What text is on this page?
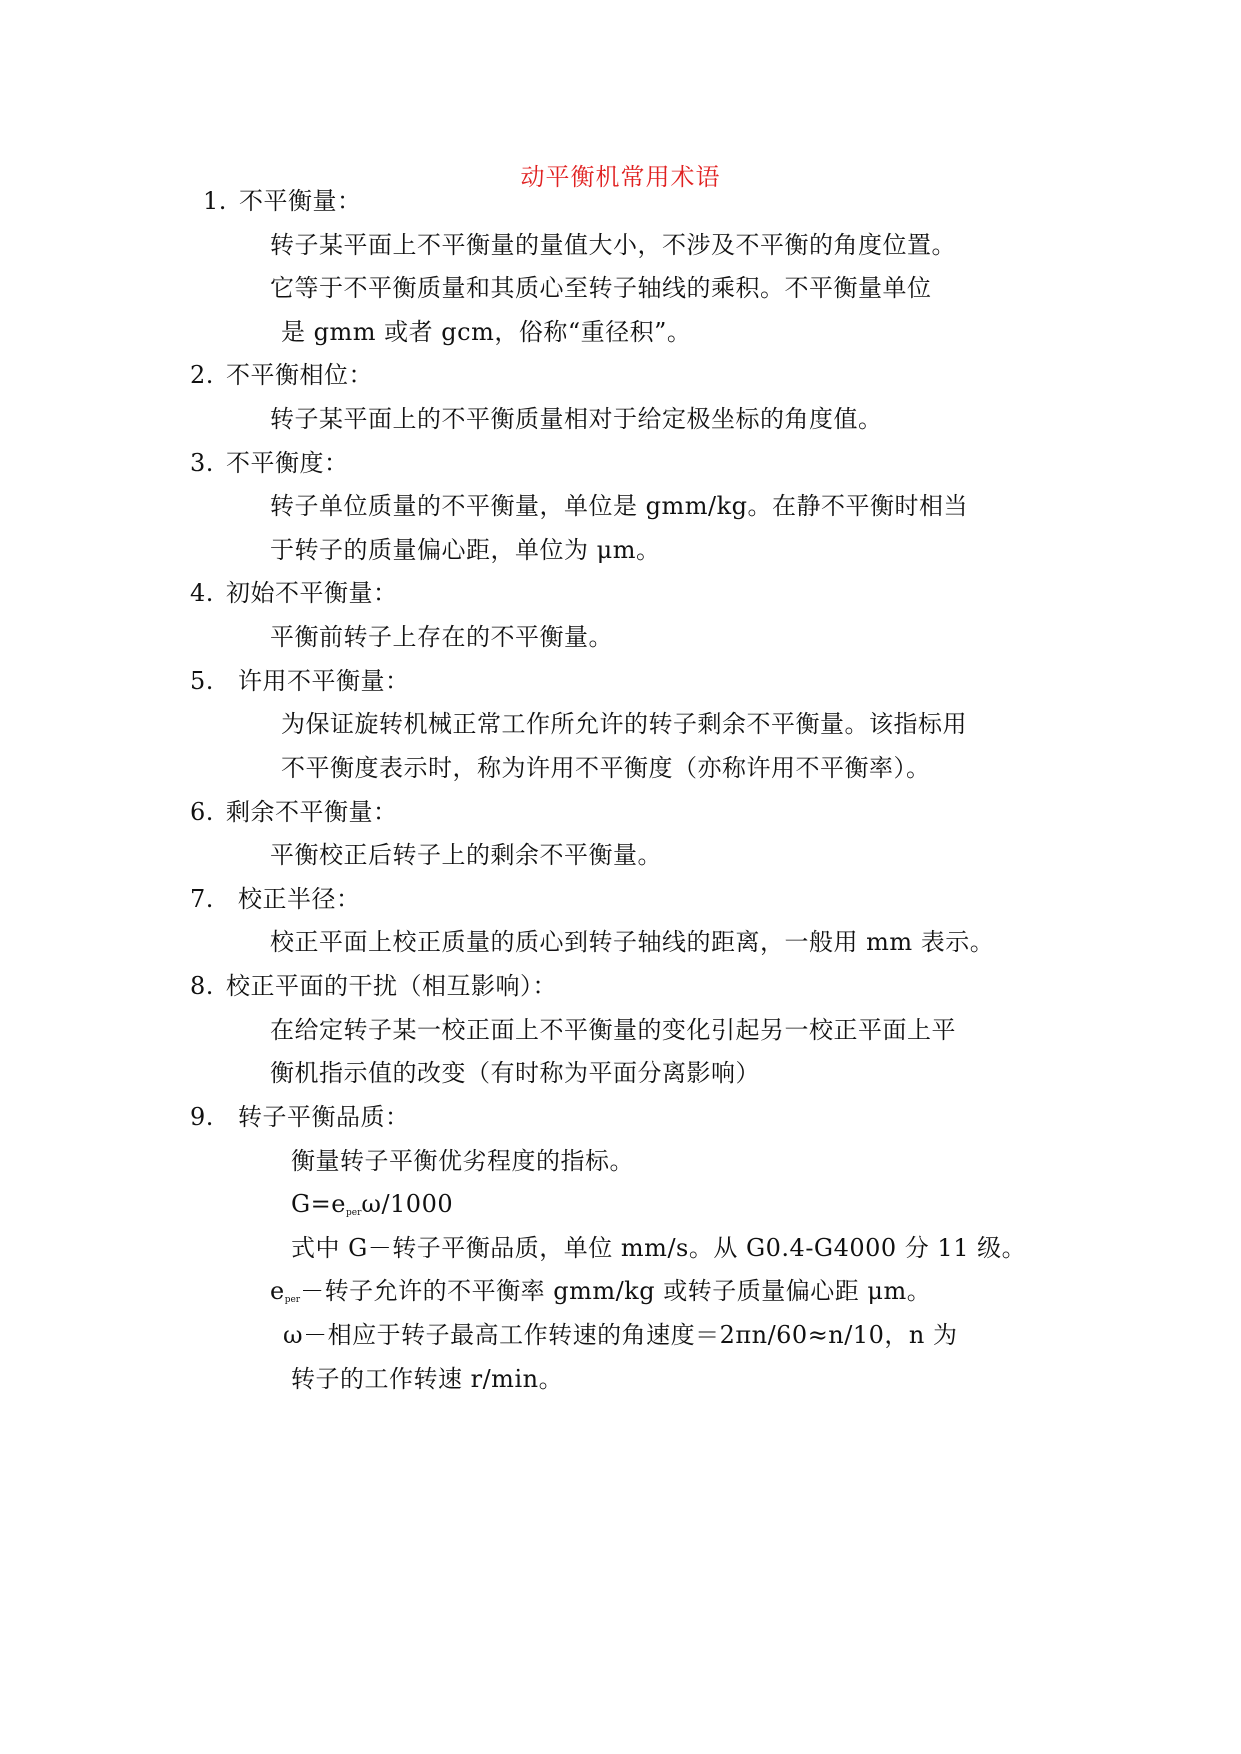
动平衡机常用术语
1. 不平衡量：
转子某平面上不平衡量的量值大小，不涉及不平衡的角度位置。
它等于不平衡质量和其质心至转子轴线的乘积。不平衡量单位
是 gmm 或者 gcm，俗称“重径积”。
2. 不平衡相位：
转子某平面上的不平衡质量相对于给定极坐标的角度值。
3. 不平衡度：
转子单位质量的不平衡量，单位是 gmm/kg。在静不平衡时相当
于转子的质量偏心距，单位为 μm。
4. 初始不平衡量：
平衡前转子上存在的不平衡量。
5. 许用不平衡量：
为保证旋转机械正常工作所允许的转子剩余不平衡量。该指标用
不平衡度表示时，称为许用不平衡度（亦称许用不平衡率）。
6. 剩余不平衡量：
平衡校正后转子上的剩余不平衡量。
7. 校正半径：
校正平面上校正质量的质心到转子轴线的距离，一般用 mm 表示。
8. 校正平面的干扰（相互影响）：
在给定转子某一校正面上不平衡量的变化引起另一校正平面上平
衡机指示值的改变（有时称为平面分离影响）
9. 转子平衡品质：
衡量转子平衡优劣程度的指标。
$G=e_{per}\omega/1000$
式中 G－转子平衡品质，单位 mm/s。从 G0.4-G4000 分 11 级。
$e_{per}-$转子允许的不平衡率 gmm/kg 或转子质量偏心距 μm。
ω－相应于转子最高工作转速的角速度＝2πn/60≈n/10，n 为
转子的工作转速 r/min。
